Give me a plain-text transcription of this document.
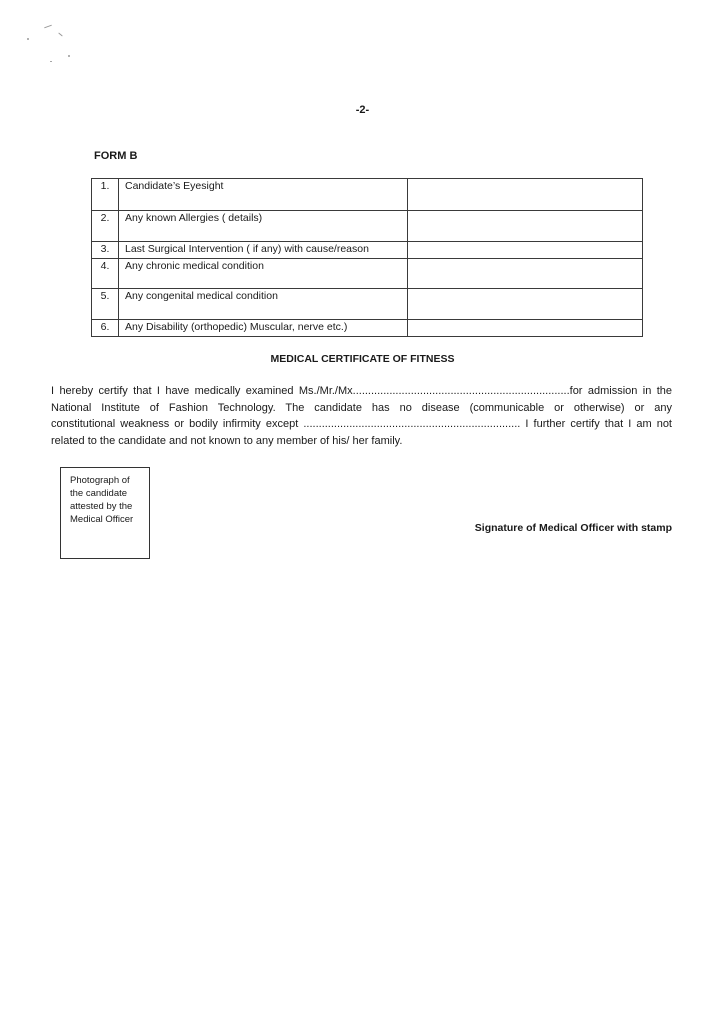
-2-
FORM B
1.	Candidate’s Eyesight	
2.	Any known Allergies ( details)	
3.	Last Surgical Intervention ( if any) with cause/reason	
4.	Any chronic medical condition	
5.	Any congenital medical condition	
6.	Any Disability (orthopedic) Muscular, nerve etc.)	
MEDICAL CERTIFICATE OF FITNESS
I hereby certify that I have medically examined Ms./Mr./Mx.......................................................................for admission in the
National Institute of Fashion Technology. The candidate has no disease (communicable or otherwise) or any
constitutional weakness or bodily infirmity except ....................................................................... I further certify that I am not
related to the candidate and not known to any member of his/ her family.
Photograph of
the candidate
attested by the
Medical Officer
Signature of Medical Officer with stamp
